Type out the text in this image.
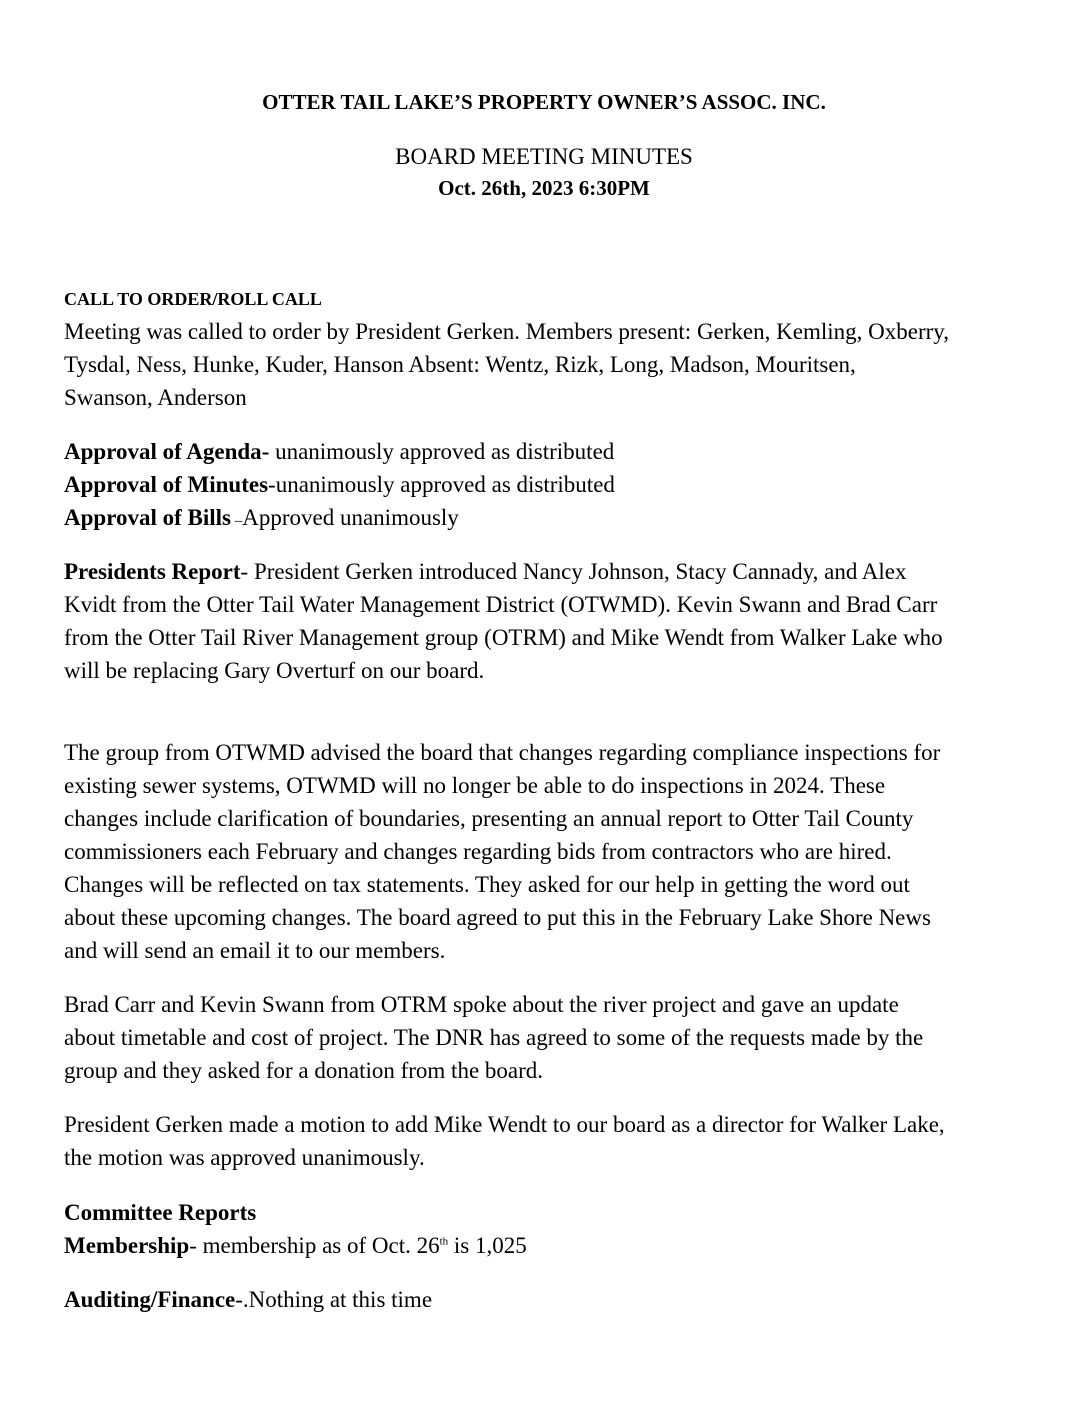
OTTER TAIL LAKE’S PROPERTY OWNER’S ASSOC. INC.
BOARD MEETING MINUTES
Oct. 26th, 2023 6:30PM
CALL TO ORDER/ROLL CALL
Meeting was called to order by President Gerken. Members present: Gerken, Kemling, Oxberry,
Tysdal, Ness, Hunke, Kuder, Hanson Absent: Wentz, Rizk, Long, Madson, Mouritsen,
Swanson, Anderson
Approval of Agenda- unanimously approved as distributed
Approval of Minutes-unanimously approved as distributed
Approval of Bills –Approved unanimously
Presidents Report- President Gerken introduced Nancy Johnson, Stacy Cannady, and Alex
Kvidt from the Otter Tail Water Management District (OTWMD). Kevin Swann and Brad Carr
from the Otter Tail River Management group (OTRM) and Mike Wendt from Walker Lake who
will be replacing Gary Overturf on our board.
The group from OTWMD advised the board that changes regarding compliance inspections for
existing sewer systems, OTWMD will no longer be able to do inspections in 2024. These
changes include clarification of boundaries, presenting an annual report to Otter Tail County
commissioners each February and changes regarding bids from contractors who are hired.
Changes will be reflected on tax statements. They asked for our help in getting the word out
about these upcoming changes. The board agreed to put this in the February Lake Shore News
and will send an email it to our members.
Brad Carr and Kevin Swann from OTRM spoke about the river project and gave an update
about timetable and cost of project. The DNR has agreed to some of the requests made by the
group and they asked for a donation from the board.
President Gerken made a motion to add Mike Wendt to our board as a director for Walker Lake,
the motion was approved unanimously.
Committee Reports
Membership- membership as of Oct. 26th is 1,025
Auditing/Finance-.Nothing at this time
